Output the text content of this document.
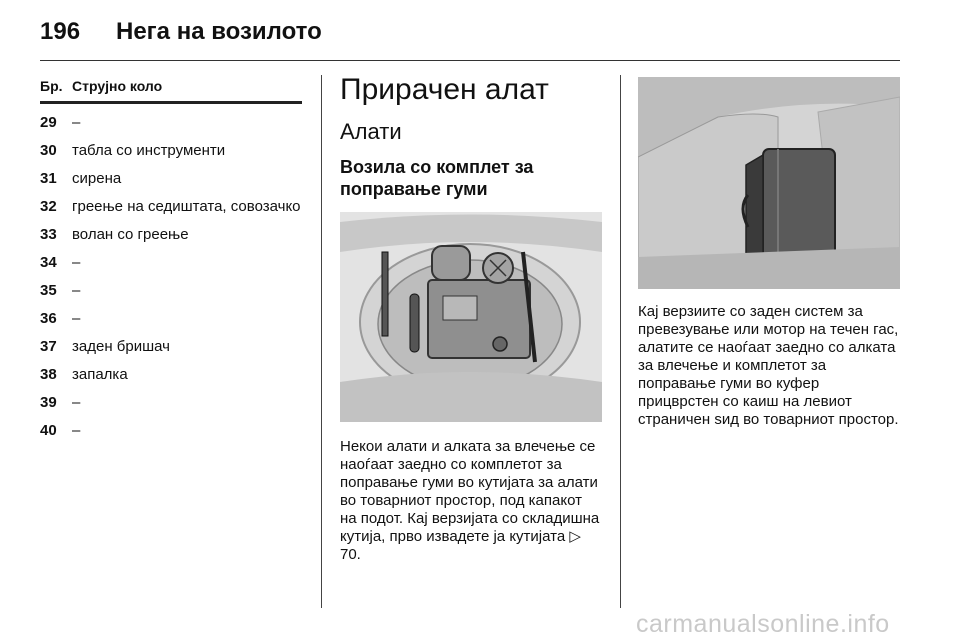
196 Нега на возилото
Бр. Струјно коло
29	–
30	табла со инструменти
31	сирена
32	греење на седиштата, совозачко
33	волан со греење
34	–
35	–
36	–
37	заден бришач
38	запалка
39	–
40	–
Прирачен алат
Алати
Возила со комплет за поправање гуми
Некои алати и алката за влечење се наоѓаат заедно со комплетот за поправање гуми во кутијата за алати во товарниот простор, под капакот на подот. Кај верзијата со складишна кутија, прво извадете ја кутијата ▷ 70.
Кај верзиите со заден систем за превезување или мотор на течен гас, алатите се наоѓаат заедно со алката за влечење и комплетот за поправање гуми во куфер прицврстен со каиш на левиот страничен ѕид во товарниот простор.
carmanualsonline.info
